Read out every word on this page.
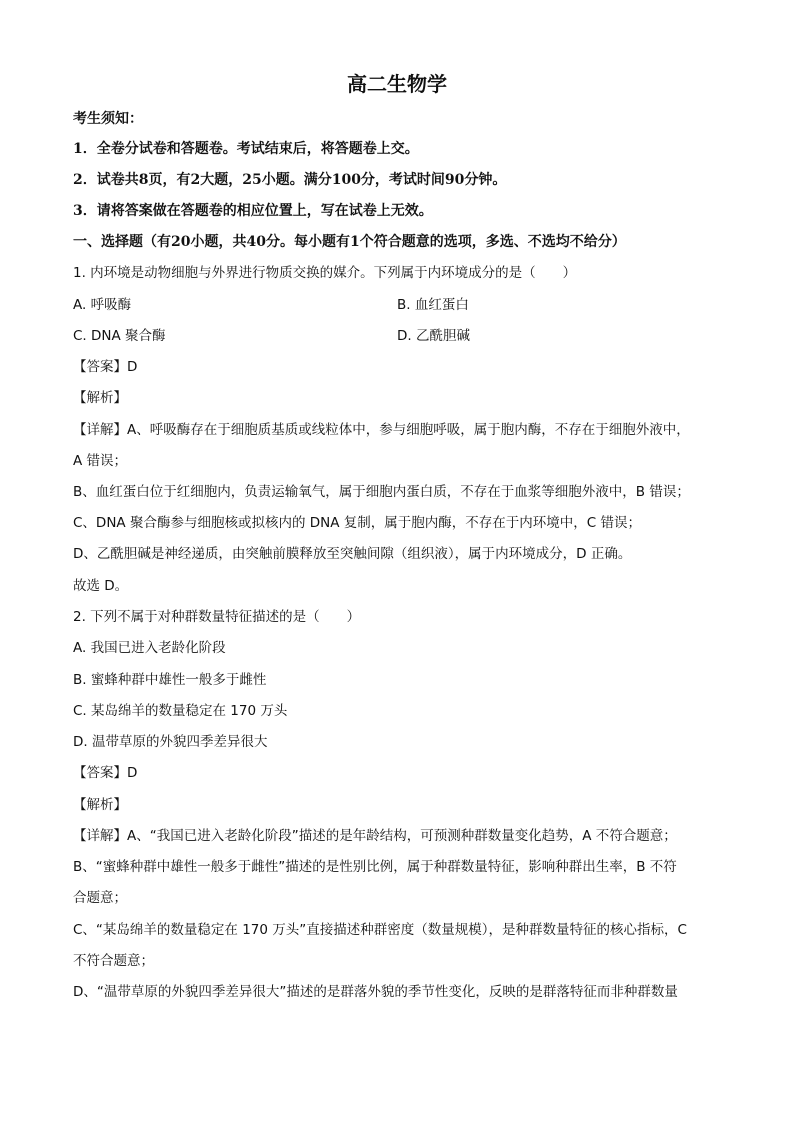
高二生物学
考生须知：
1．全卷分试卷和答题卷。考试结束后，将答题卷上交。
2．试卷共8页，有2大题，25小题。满分100分，考试时间90分钟。
3．请将答案做在答题卷的相应位置上，写在试卷上无效。
一、选择题（有20小题，共40分。每小题有1个符合题意的选项，多选、不选均不给分）
1. 内环境是动物细胞与外界进行物质交换的媒介。下列属于内环境成分的是（　　）
A. 呼吸酶	B. 血红蛋白
C. DNA 聚合酶	D. 乙酰胆碱
【答案】D
【解析】
【详解】A、呼吸酶存在于细胞质基质或线粒体中，参与细胞呼吸，属于胞内酶，不存在于细胞外液中，
A 错误；
B、血红蛋白位于红细胞内，负责运输氧气，属于细胞内蛋白质，不存在于血浆等细胞外液中，B 错误；
C、DNA 聚合酶参与细胞核或拟核内的 DNA 复制，属于胞内酶，不存在于内环境中，C 错误；
D、乙酰胆碱是神经递质，由突触前膜释放至突触间隙（组织液），属于内环境成分，D 正确。
故选 D。
2. 下列不属于对种群数量特征描述的是（　　）
A. 我国已进入老龄化阶段
B. 蜜蜂种群中雄性一般多于雌性
C. 某岛绵羊的数量稳定在 170 万头
D. 温带草原的外貌四季差异很大
【答案】D
【解析】
【详解】A、“我国已进入老龄化阶段”描述的是年龄结构，可预测种群数量变化趋势，A 不符合题意；
B、“蜜蜂种群中雄性一般多于雌性”描述的是性别比例，属于种群数量特征，影响种群出生率，B 不符
合题意；
C、“某岛绵羊的数量稳定在 170 万头”直接描述种群密度（数量规模），是种群数量特征的核心指标，C
不符合题意；
D、“温带草原的外貌四季差异很大”描述的是群落外貌的季节性变化，反映的是群落特征而非种群数量
